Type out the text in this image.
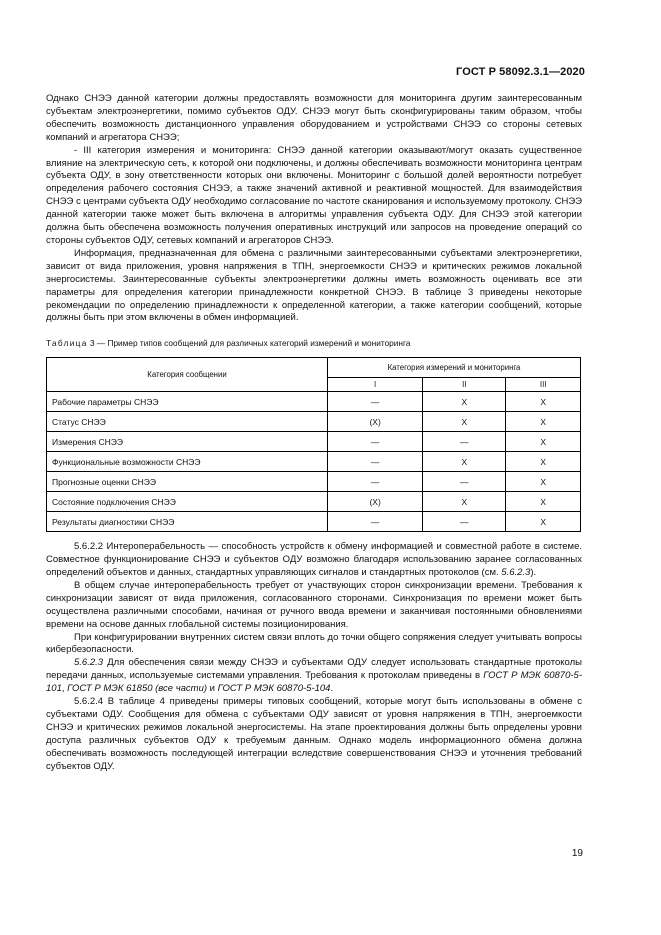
ГОСТ Р 58092.3.1—2020

Однако СНЭЭ данной категории должны предоставлять возможности для мониторинга другим заинтересованным субъектам электроэнергетики, помимо субъектов ОДУ. СНЭЭ могут быть сконфигурированы таким образом, чтобы обеспечить возможность дистанционного управления оборудованием и устройствами СНЭЭ со стороны сетевых компаний и агрегатора СНЭЭ;

- III категория измерения и мониторинга: СНЭЭ данной категории оказывают/могут оказать существенное влияние на электрическую сеть, к которой они подключены, и должны обеспечивать возможности мониторинга центрам субъекта ОДУ, в зону ответственности которых они включены. Мониторинг с большой долей вероятности потребует определения рабочего состояния СНЭЭ, а также значений активной и реактивной мощностей. Для взаимодействия СНЭЭ с центрами субъекта ОДУ необходимо согласование по частоте сканирования и используемому протоколу. СНЭЭ данной категории также может быть включена в алгоритмы управления субъекта ОДУ. Для СНЭЭ этой категории должна быть обеспечена возможность получения оперативных инструкций или запросов на проведение операций со стороны субъектов ОДУ, сетевых компаний и агрегаторов СНЭЭ.

Информация, предназначенная для обмена с различными заинтересованными субъектами электроэнергетики, зависит от вида приложения, уровня напряжения в ТПН, энергоемкости СНЭЭ и критических режимов локальной энергосистемы. Заинтересованные субъекты электроэнергетики должны иметь возможность оценивать все эти параметры для определения категории принадлежности конкретной СНЭЭ. В таблице 3 приведены некоторые рекомендации по определению принадлежности к определенной категории, а также категории сообщений, которые должны быть при этом включены в обмен информацией.

Таблица 3 — Пример типов сообщений для различных категорий измерений и мониторинга
Категория сообщении	Категория измерений и мониторинга		
	I	II	III
Рабочие параметры СНЭЭ	—	X	X
Статус СНЭЭ	(X)	X	X
Измерения СНЭЭ	—	—	X
Функциональные возможности СНЭЭ	—	X	X
Прогнозные оценки СНЭЭ	—	—	X
Состояние подключения СНЭЭ	(X)	X	X
Результаты диагностики СНЭЭ	—	—	X

5.6.2.2 Интероперабельность — способность устройств к обмену информацией и совместной работе в системе. Совместное функционирование СНЭЭ и субъектов ОДУ возможно благодаря использованию заранее согласованных определений объектов и данных, стандартных управляющих сигналов и стандартных протоколов (см. 5.6.2.3).

В общем случае интероперабельность требует от участвующих сторон синхронизации времени. Требования к синхронизации зависят от вида приложения, согласованного сторонами. Синхронизация по времени может быть осуществлена различными способами, начиная от ручного ввода времени и заканчивая постоянными обновлениями времени на основе данных глобальной системы позиционирования.

При конфигурировании внутренних систем связи вплоть до точки общего сопряжения следует учитывать вопросы кибербезопасности.

5.6.2.3 Для обеспечения связи между СНЭЭ и субъектами ОДУ следует использовать стандартные протоколы передачи данных, используемые системами управления. Требования к протоколам приведены в ГОСТ Р МЭК 60870-5-101, ГОСТ Р МЭК 61850 (все части) и ГОСТ Р МЭК 60870-5-104.

5.6.2.4 В таблице 4 приведены примеры типовых сообщений, которые могут быть использованы в обмене с субъектами ОДУ. Сообщения для обмена с субъектами ОДУ зависят от уровня напряжения в ТПН, энергоемкости СНЭЭ и критических режимов локальной энергосистемы. На этапе проектирования должны быть определены уровни доступа различных субъектов ОДУ к требуемым данным. Однако модель информационного обмена должна обеспечивать возможность последующей интеграции вследствие совершенствования СНЭЭ и уточнения требований субъектов ОДУ.

19
